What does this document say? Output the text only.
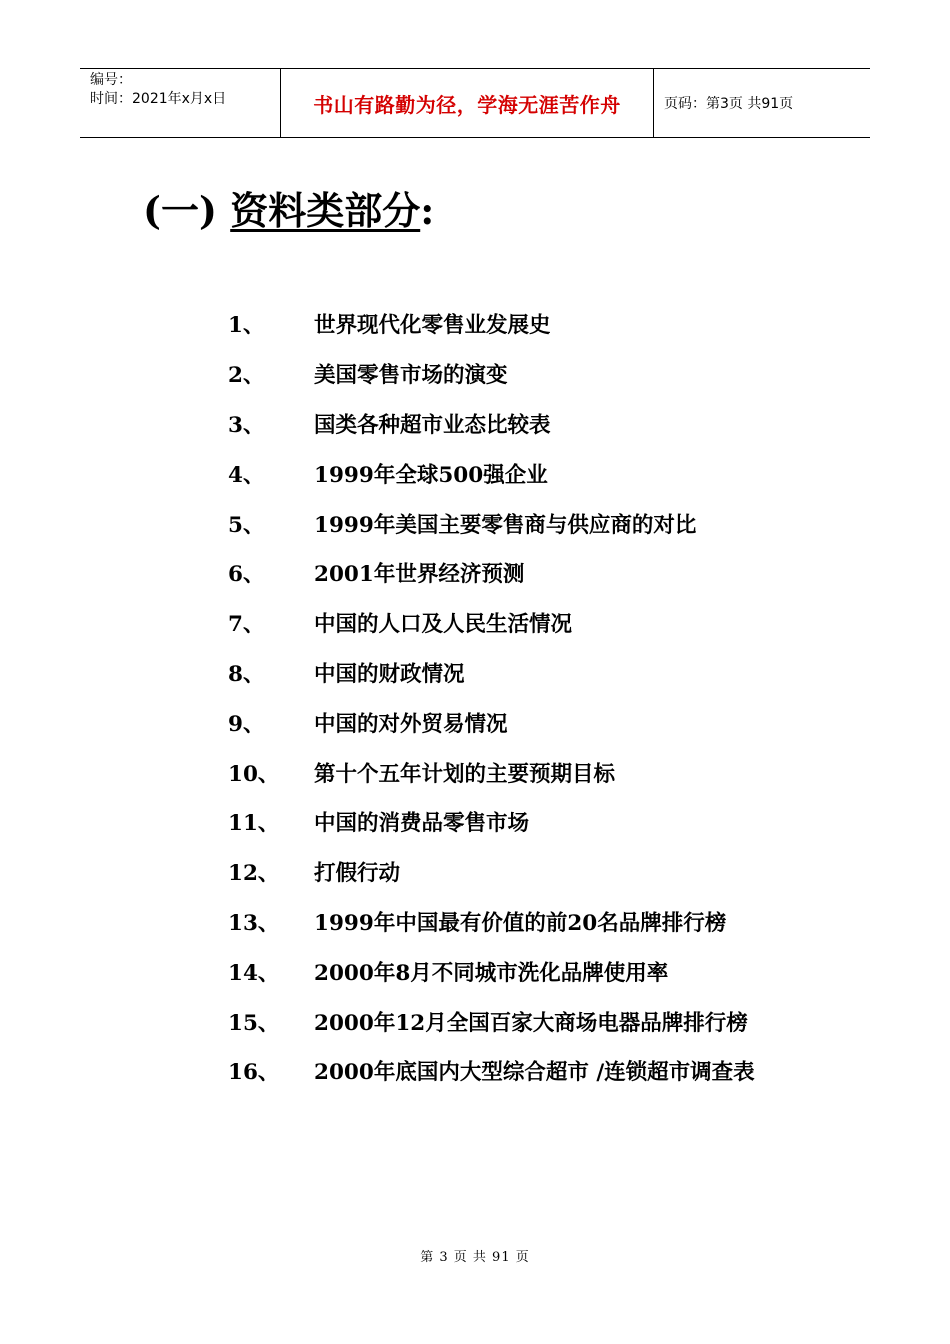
编号：
时间：2021年x月x日	书山有路勤为径，学海无涯苦作舟	页码：第3页 共91页
(一) 资料类部分:
1、	世界现代化零售业发展史
2、	美国零售市场的演变
3、	国类各种超市业态比较表
4、	1999年全球500强企业
5、	1999年美国主要零售商与供应商的对比
6、	2001年世界经济预测
7、	中国的人口及人民生活情况
8、	中国的财政情况
9、	中国的对外贸易情况
10、	第十个五年计划的主要预期目标
11、	中国的消费品零售市场
12、	打假行动
13、	1999年中国最有价值的前20名品牌排行榜
14、	2000年8月不同城市洗化品牌使用率
15、	2000年12月全国百家大商场电器品牌排行榜
16、	2000年底国内大型综合超市 /连锁超市调查表
第 3 页 共 91 页
